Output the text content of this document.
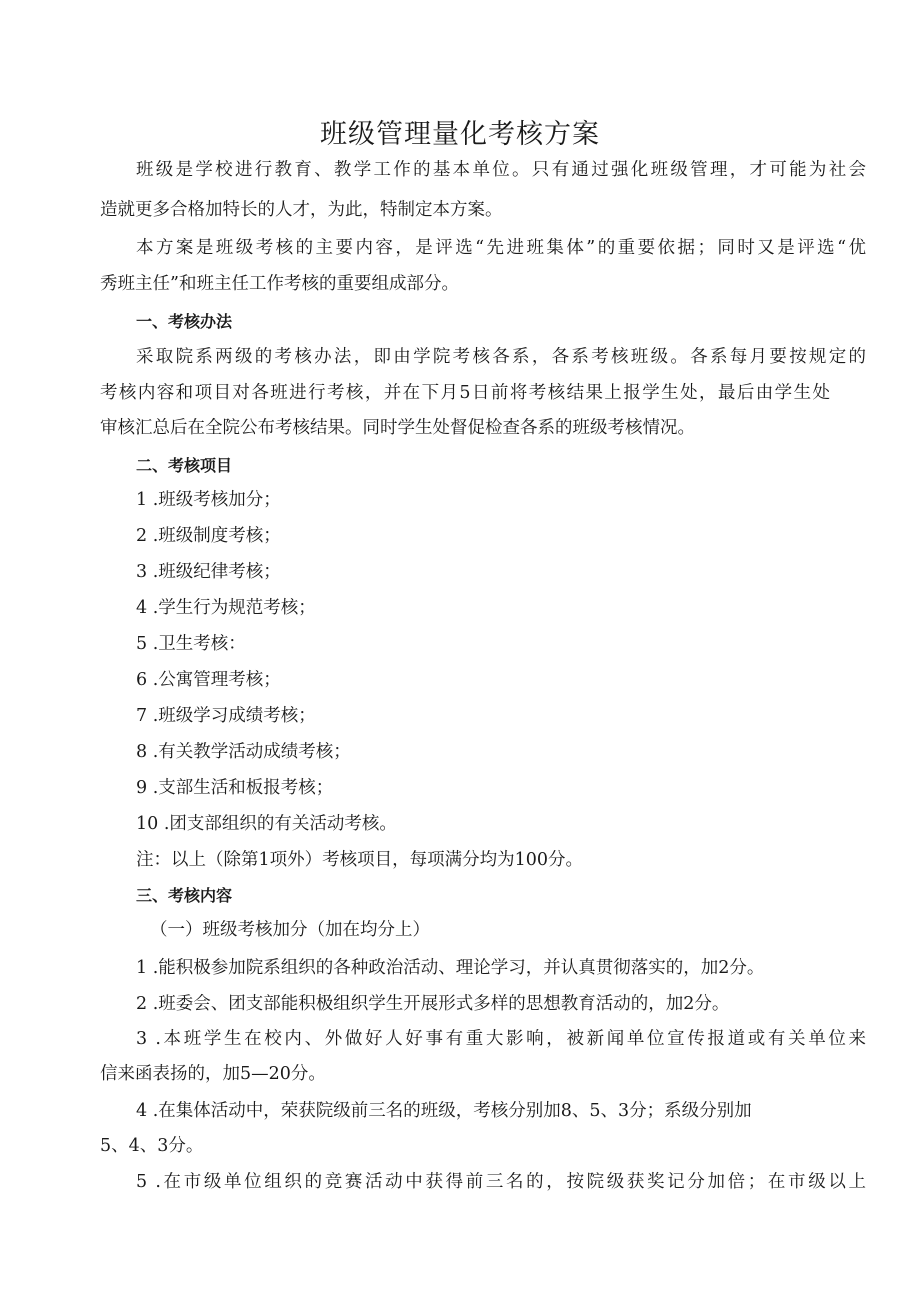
班级管理量化考核方案
班级是学校进行教育、教学工作的基本单位。只有通过强化班级管理，才可能为社会
造就更多合格加特长的人才，为此，特制定本方案。
本方案是班级考核的主要内容，是评选“先进班集体”的重要依据；同时又是评选“优
秀班主任”和班主任工作考核的重要组成部分。
一、考核办法
采取院系两级的考核办法，即由学院考核各系，各系考核班级。各系每月要按规定的
考核内容和项目对各班进行考核，并在下月5日前将考核结果上报学生处，最后由学生处
审核汇总后在全院公布考核结果。同时学生处督促检查各系的班级考核情况。
二、考核项目
1 .班级考核加分；
2 .班级制度考核；
3 .班级纪律考核；
4 .学生行为规范考核；
5 .卫生考核：
6 .公寓管理考核；
7 .班级学习成绩考核；
8 .有关教学活动成绩考核；
9 .支部生活和板报考核；
10 .团支部组织的有关活动考核。
注：以上（除第1项外）考核项目，每项满分均为100分。
三、考核内容
（一）班级考核加分（加在均分上）
1 .能积极参加院系组织的各种政治活动、理论学习，并认真贯彻落实的，加2分。
2 .班委会、团支部能积极组织学生开展形式多样的思想教育活动的，加2分。
3 .本班学生在校内、外做好人好事有重大影响，被新闻单位宣传报道或有关单位来
信来函表扬的，加5—20分。
4 .在集体活动中，荣获院级前三名的班级，考核分别加8、5、3分；系级分别加
5、4、3分。
5 .在市级单位组织的竞赛活动中获得前三名的，按院级获奖记分加倍；在市级以上
